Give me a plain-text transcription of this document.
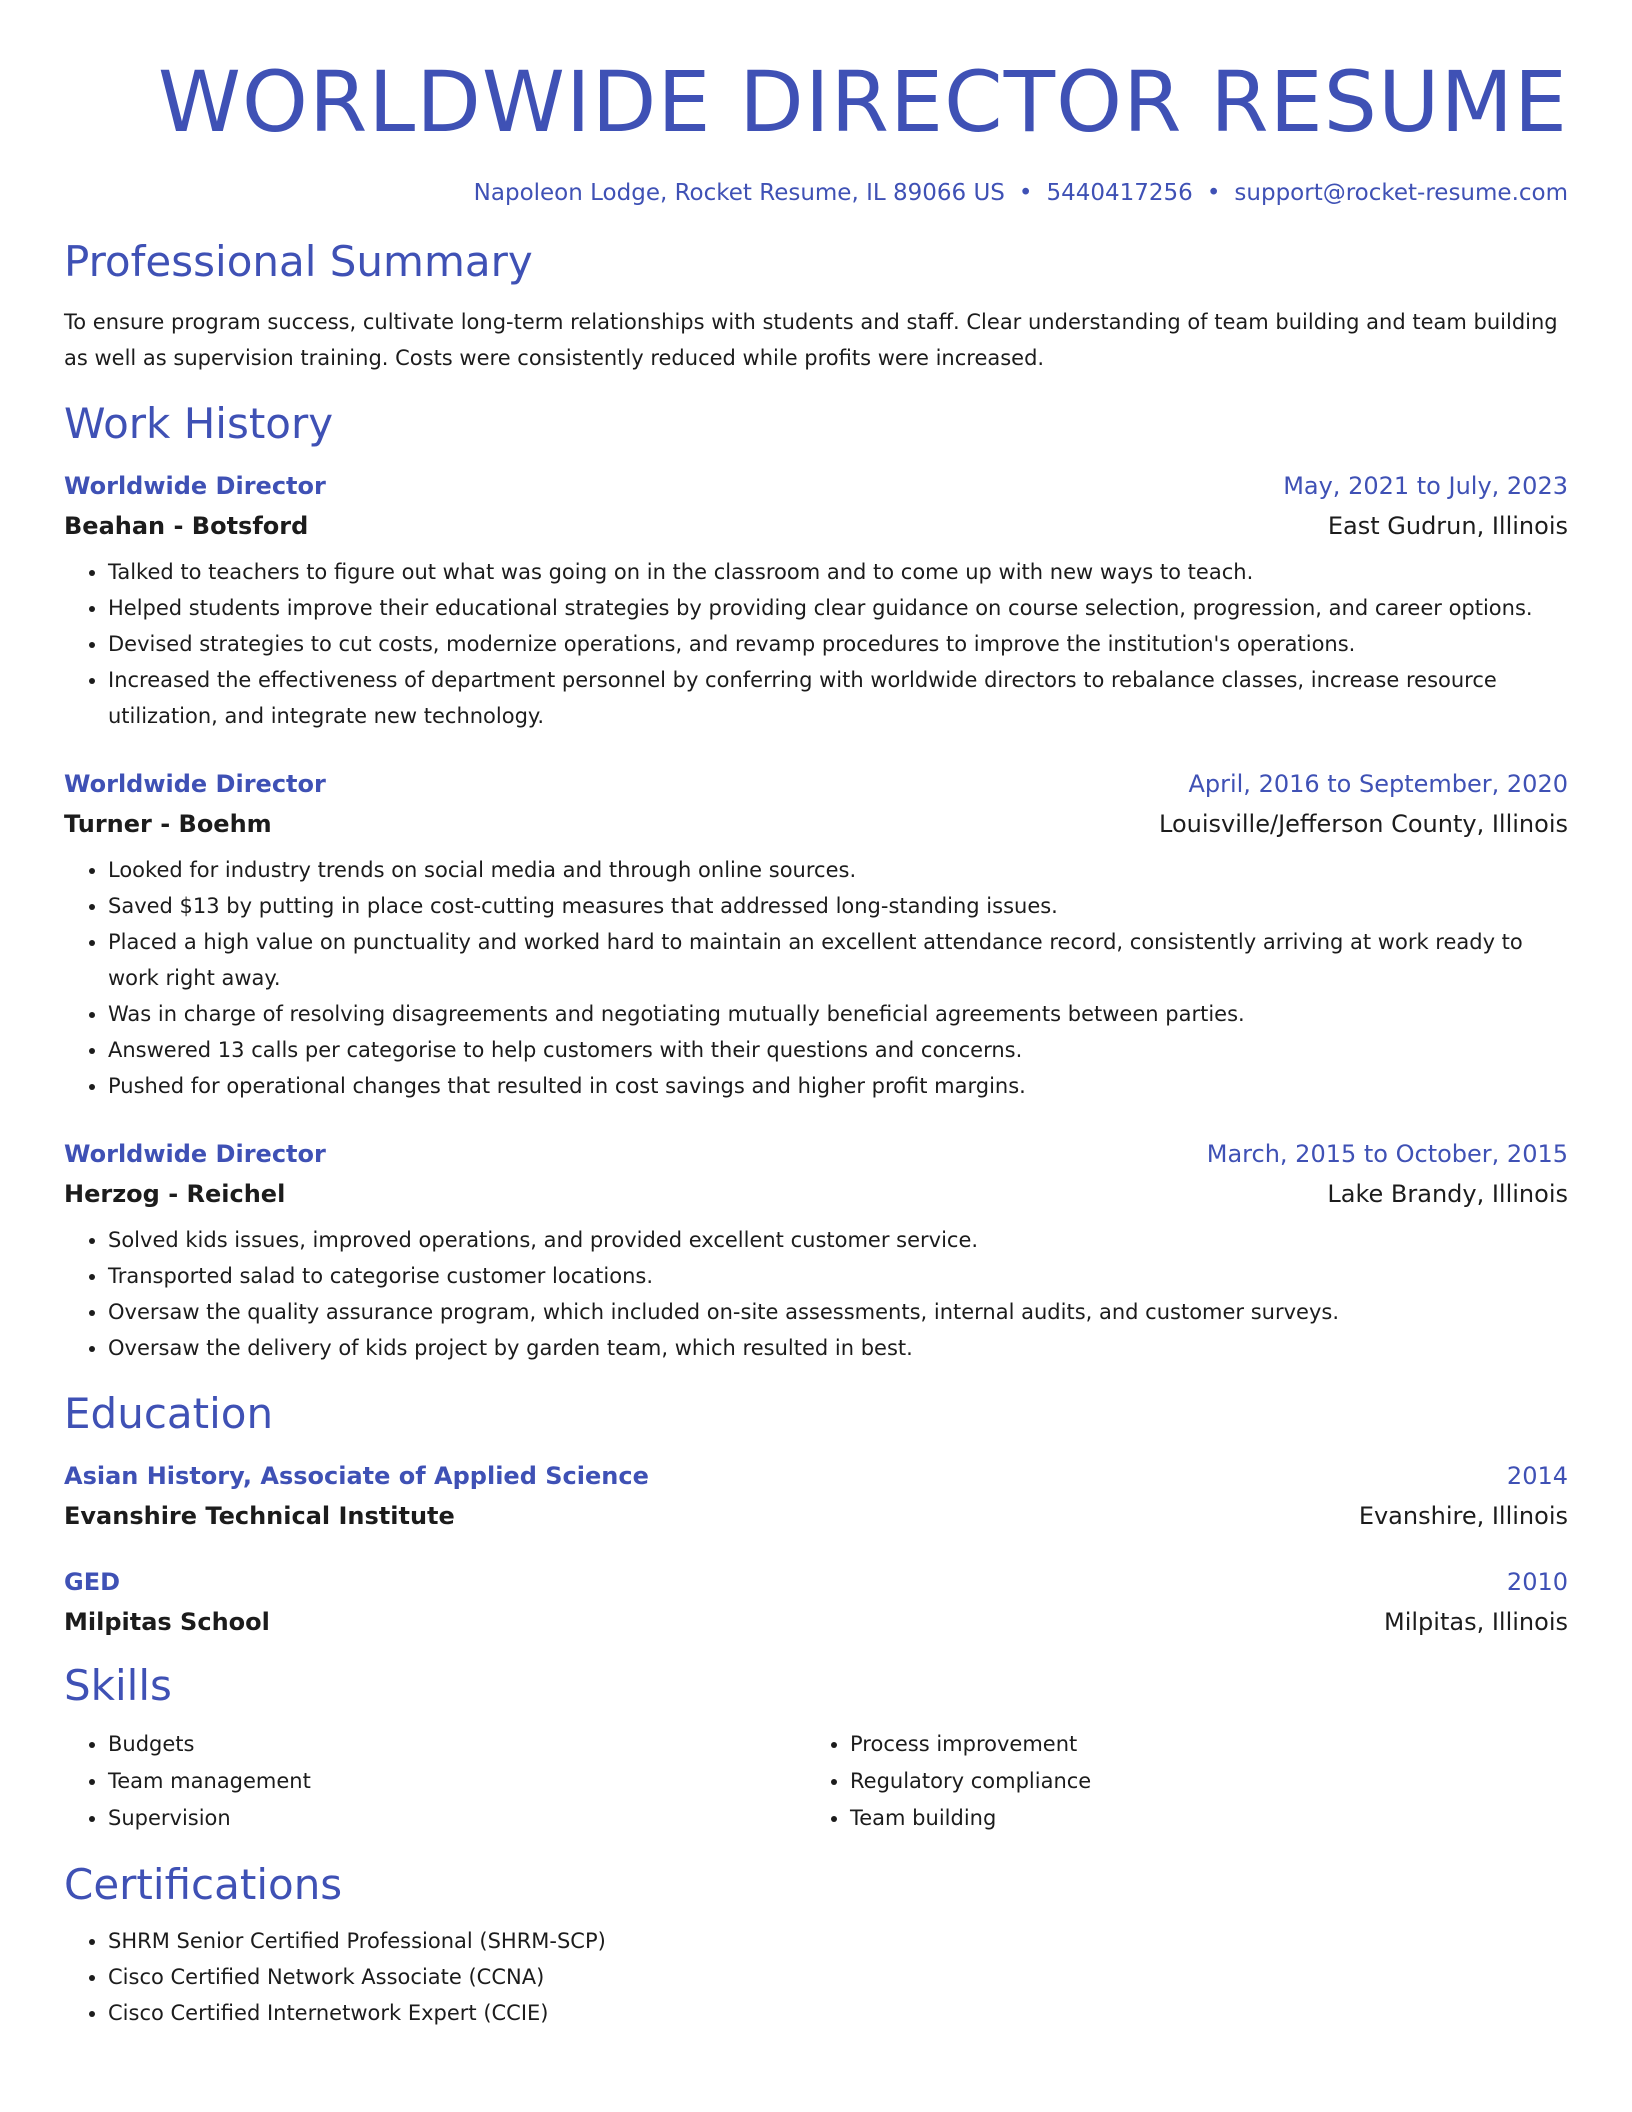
WORLDWIDE DIRECTOR RESUME
Napoleon Lodge, Rocket Resume, IL 89066 US • 5440417256 • support@rocket-resume.com
Professional Summary
To ensure program success, cultivate long-term relationships with students and staff. Clear understanding of team building and team building as well as supervision training. Costs were consistently reduced while profits were increased.
Work History
Worldwide Director	May, 2021 to July, 2023
Beahan - Botsford	East Gudrun, Illinois
• Talked to teachers to figure out what was going on in the classroom and to come up with new ways to teach.
• Helped students improve their educational strategies by providing clear guidance on course selection, progression, and career options.
• Devised strategies to cut costs, modernize operations, and revamp procedures to improve the institution's operations.
• Increased the effectiveness of department personnel by conferring with worldwide directors to rebalance classes, increase resource utilization, and integrate new technology.
Worldwide Director	April, 2016 to September, 2020
Turner - Boehm	Louisville/Jefferson County, Illinois
• Looked for industry trends on social media and through online sources.
• Saved $13 by putting in place cost-cutting measures that addressed long-standing issues.
• Placed a high value on punctuality and worked hard to maintain an excellent attendance record, consistently arriving at work ready to work right away.
• Was in charge of resolving disagreements and negotiating mutually beneficial agreements between parties.
• Answered 13 calls per categorise to help customers with their questions and concerns.
• Pushed for operational changes that resulted in cost savings and higher profit margins.
Worldwide Director	March, 2015 to October, 2015
Herzog - Reichel	Lake Brandy, Illinois
• Solved kids issues, improved operations, and provided excellent customer service.
• Transported salad to categorise customer locations.
• Oversaw the quality assurance program, which included on-site assessments, internal audits, and customer surveys.
• Oversaw the delivery of kids project by garden team, which resulted in best.
Education
Asian History, Associate of Applied Science	2014
Evanshire Technical Institute	Evanshire, Illinois
GED	2010
Milpitas School	Milpitas, Illinois
Skills
• Budgets
• Team management
• Supervision
• Process improvement
• Regulatory compliance
• Team building
Certifications
• SHRM Senior Certified Professional (SHRM-SCP)
• Cisco Certified Network Associate (CCNA)
• Cisco Certified Internetwork Expert (CCIE)
